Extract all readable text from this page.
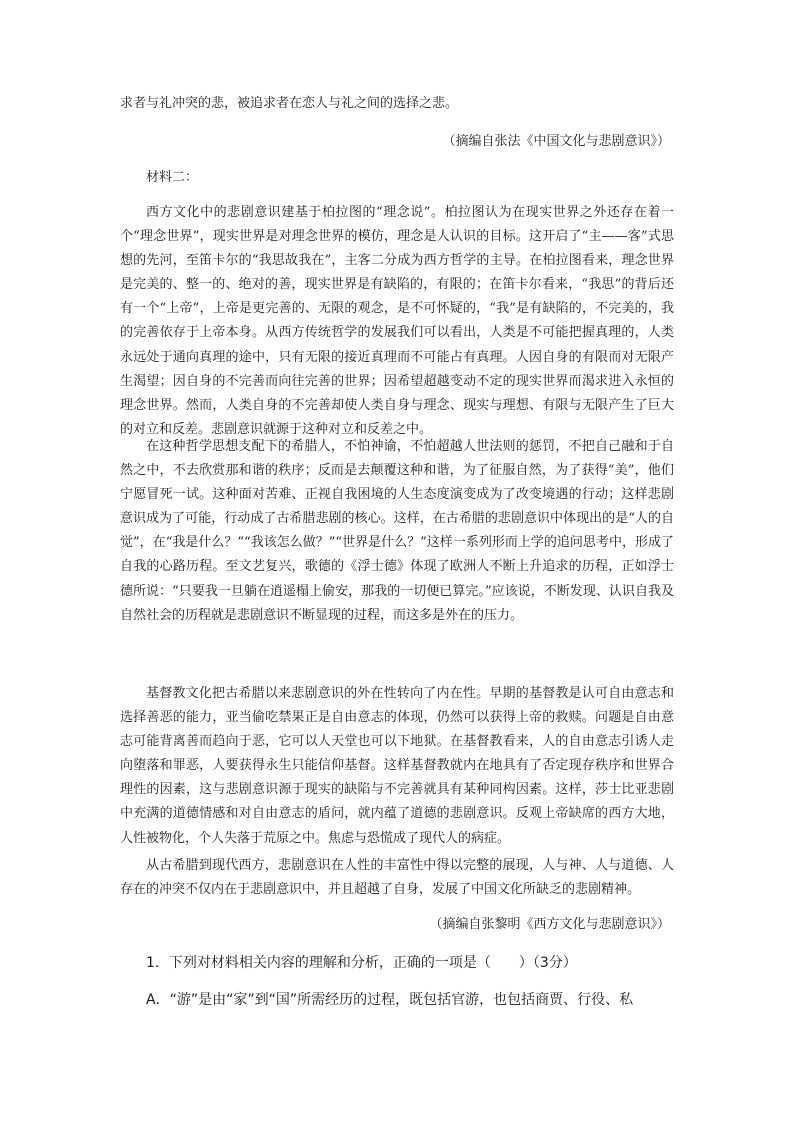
求者与礼冲突的悲，被追求者在恋人与礼之间的选择之悲。
（摘编自张法《中国文化与悲剧意识》）
材料二：

西方文化中的悲剧意识建基于柏拉图的“理念说”。柏拉图认为在现实世界之外还存在着一个“理念世界”，现实世界是对理念世界的模仿，理念是人认识的目标。这开启了“主——客”式思想的先河，至笛卡尔的“我思故我在”，主客二分成为西方哲学的主导。在柏拉图看来，理念世界是完美的、整一的、绝对的善，现实世界是有缺陷的，有限的；在笛卡尔看来，“我思”的背后还有一个“上帝”，上帝是更完善的、无限的观念，是不可怀疑的，“我”是有缺陷的，不完美的，我的完善依存于上帝本身。从西方传统哲学的发展我们可以看出，人类是不可能把握真理的，人类永远处于通向真理的途中，只有无限的接近真理而不可能占有真理。人因自身的有限而对无限产生渴望；因自身的不完善而向往完善的世界；因希望超越变动不定的现实世界而渴求进入永恒的理念世界。然而，人类自身的不完善却使人类自身与理念、现实与理想、有限与无限产生了巨大的对立和反差。悲剧意识就源于这种对立和反差之中。

在这种哲学思想支配下的希腊人，不怕神谕，不怕超越人世法则的惩罚，不把自己融和于自然之中，不去欣赏那和谐的秩序；反而是去颠覆这种和谐，为了征服自然，为了获得“美”，他们宁愿冒死一试。这种面对苦难、正视自我困境的人生态度演变成为了改变境遇的行动；这样悲剧意识成为了可能，行动成了古希腊悲剧的核心。这样，在古希腊的悲剧意识中体现出的是“人的自觉”，在“我是什么？”“我该怎么做？”“世界是什么？”这样一系列形而上学的追问思考中，形成了自我的心路历程。至文艺复兴，歌德的《浮士德》体现了欧洲人不断上升追求的历程，正如浮士德所说：“只要我一旦躺在逍遥榻上偷安，那我的一切便已算完。”应该说，不断发现、认识自我及自然社会的历程就是悲剧意识不断显现的过程，而这多是外在的压力。

基督教文化把古希腊以来悲剧意识的外在性转向了内在性。早期的基督教是认可自由意志和选择善恶的能力，亚当偷吃禁果正是自由意志的体现，仍然可以获得上帝的救赎。问题是自由意志可能背离善而趋向于恶，它可以人天堂也可以下地狱。在基督教看来，人的自由意志引诱人走向堕落和罪恶，人要获得永生只能信仰基督。这样基督教就内在地具有了否定现存秩序和世界合理性的因素，这与悲剧意识源于现实的缺陷与不完善就具有某种同构因素。这样，莎士比亚悲剧中充满的道德情感和对自由意志的盾问，就内蕴了道德的悲剧意识。反观上帝缺席的西方大地，人性被物化，个人失落于荒原之中。焦虑与恐慌成了现代人的病症。

从古希腊到现代西方，悲剧意识在人性的丰富性中得以完整的展现，人与神、人与道德、人存在的冲突不仅内在于悲剧意识中，并且超越了自身，发展了中国文化所缺乏的悲剧精神。

（摘编自张黎明《西方文化与悲剧意识》）
1．下列对材料相关内容的理解和分析，正确的一项是（　　）（3分）
A．“游”是由“家”到“国”所需经历的过程，既包括官游，也包括商贾、行役、私
